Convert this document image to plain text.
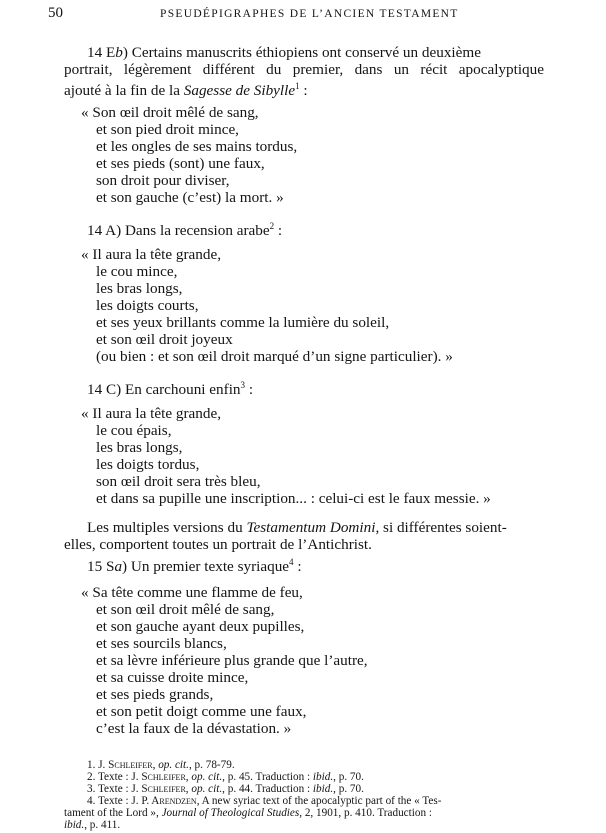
50	PSEUDÉPIGRAPHES DE L’ANCIEN TESTAMENT
14 Eb) Certains manuscrits éthiopiens ont conservé un deuxième
portrait, légèrement différent du premier, dans un récit apocalyptique
ajouté à la fin de la Sagesse de Sibylle$^1$ :
« Son œil droit mêlé de sang,
et son pied droit mince,
et les ongles de ses mains tordus,
et ses pieds (sont) une faux,
son droit pour diviser,
et son gauche (c’est) la mort. »
14 A) Dans la recension arabe$^2$ :
« Il aura la tête grande,
le cou mince,
les bras longs,
les doigts courts,
et ses yeux brillants comme la lumière du soleil,
et son œil droit joyeux
(ou bien : et son œil droit marqué d’un signe particulier). »
14 C) En carchouni enfin$^3$ :
« Il aura la tête grande,
le cou épais,
les bras longs,
les doigts tordus,
son œil droit sera très bleu,
et dans sa pupille une inscription... : celui-ci est le faux messie. »
Les multiples versions du Testamentum Domini, si différentes soient-
elles, comportent toutes un portrait de l’Antichrist.
15 Sa) Un premier texte syriaque$^4$ :
« Sa tête comme une flamme de feu,
et son œil droit mêlé de sang,
et son gauche ayant deux pupilles,
et ses sourcils blancs,
et sa lèvre inférieure plus grande que l’autre,
et sa cuisse droite mince,
et ses pieds grands,
et son petit doigt comme une faux,
c’est la faux de la dévastation. »
1. J. Schleifer, op. cit., p. 78-79.
2. Texte : J. Schleifer, op. cit., p. 45. Traduction : ibid., p. 70.
3. Texte : J. Schleifer, op. cit., p. 44. Traduction : ibid., p. 70.
4. Texte : J. P. Arendzen, A new syriac text of the apocalyptic part of the « Tes-
tament of the Lord », Journal of Theological Studies, 2, 1901, p. 410. Traduction :
ibid., p. 411.
